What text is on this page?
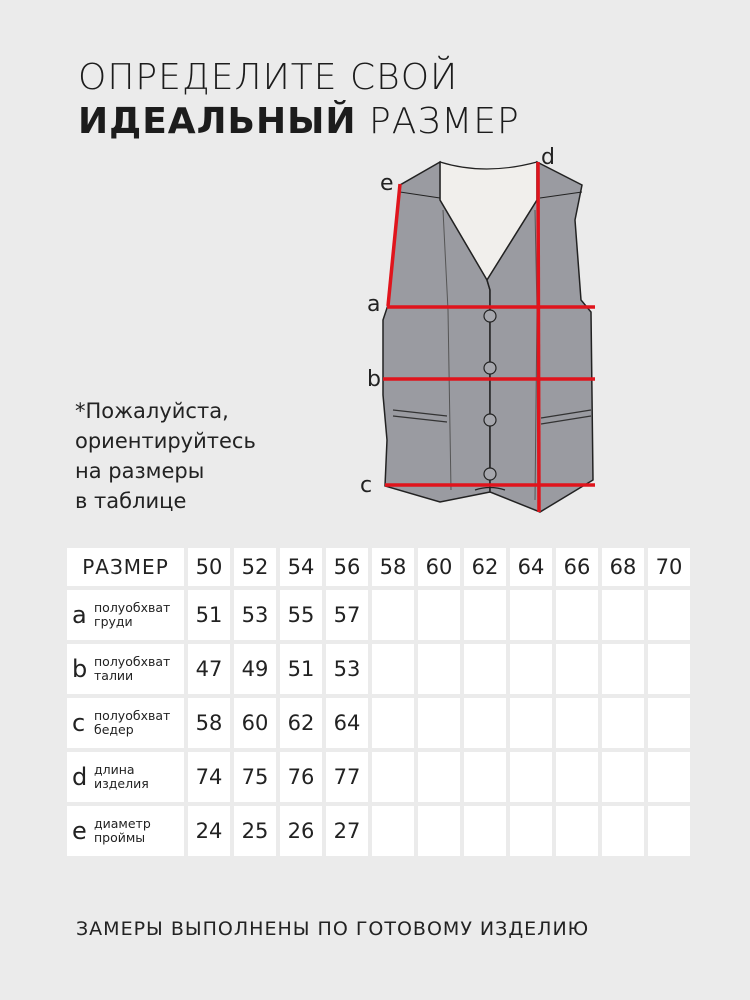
ОПРЕДЕЛИТЕ СВОЙ
ИДЕАЛЬНЫЙ РАЗМЕР
*Пожалуйста,
ориентируйтесь
на размеры
в таблице
e
d
a
b
c
РАЗМЕР	50	52	54	56	58	60	62	64	66	68	70

a полуобхват
груди	51	53	55	57							

b полуобхват
талии	47	49	51	53							

c полуобхват
бедер	58	60	62	64							

d длина
изделия	74	75	76	77							

e диаметр
проймы	24	25	26	27							
ЗАМЕРЫ ВЫПОЛНЕНЫ ПО ГОТОВОМУ ИЗДЕЛИЮ
